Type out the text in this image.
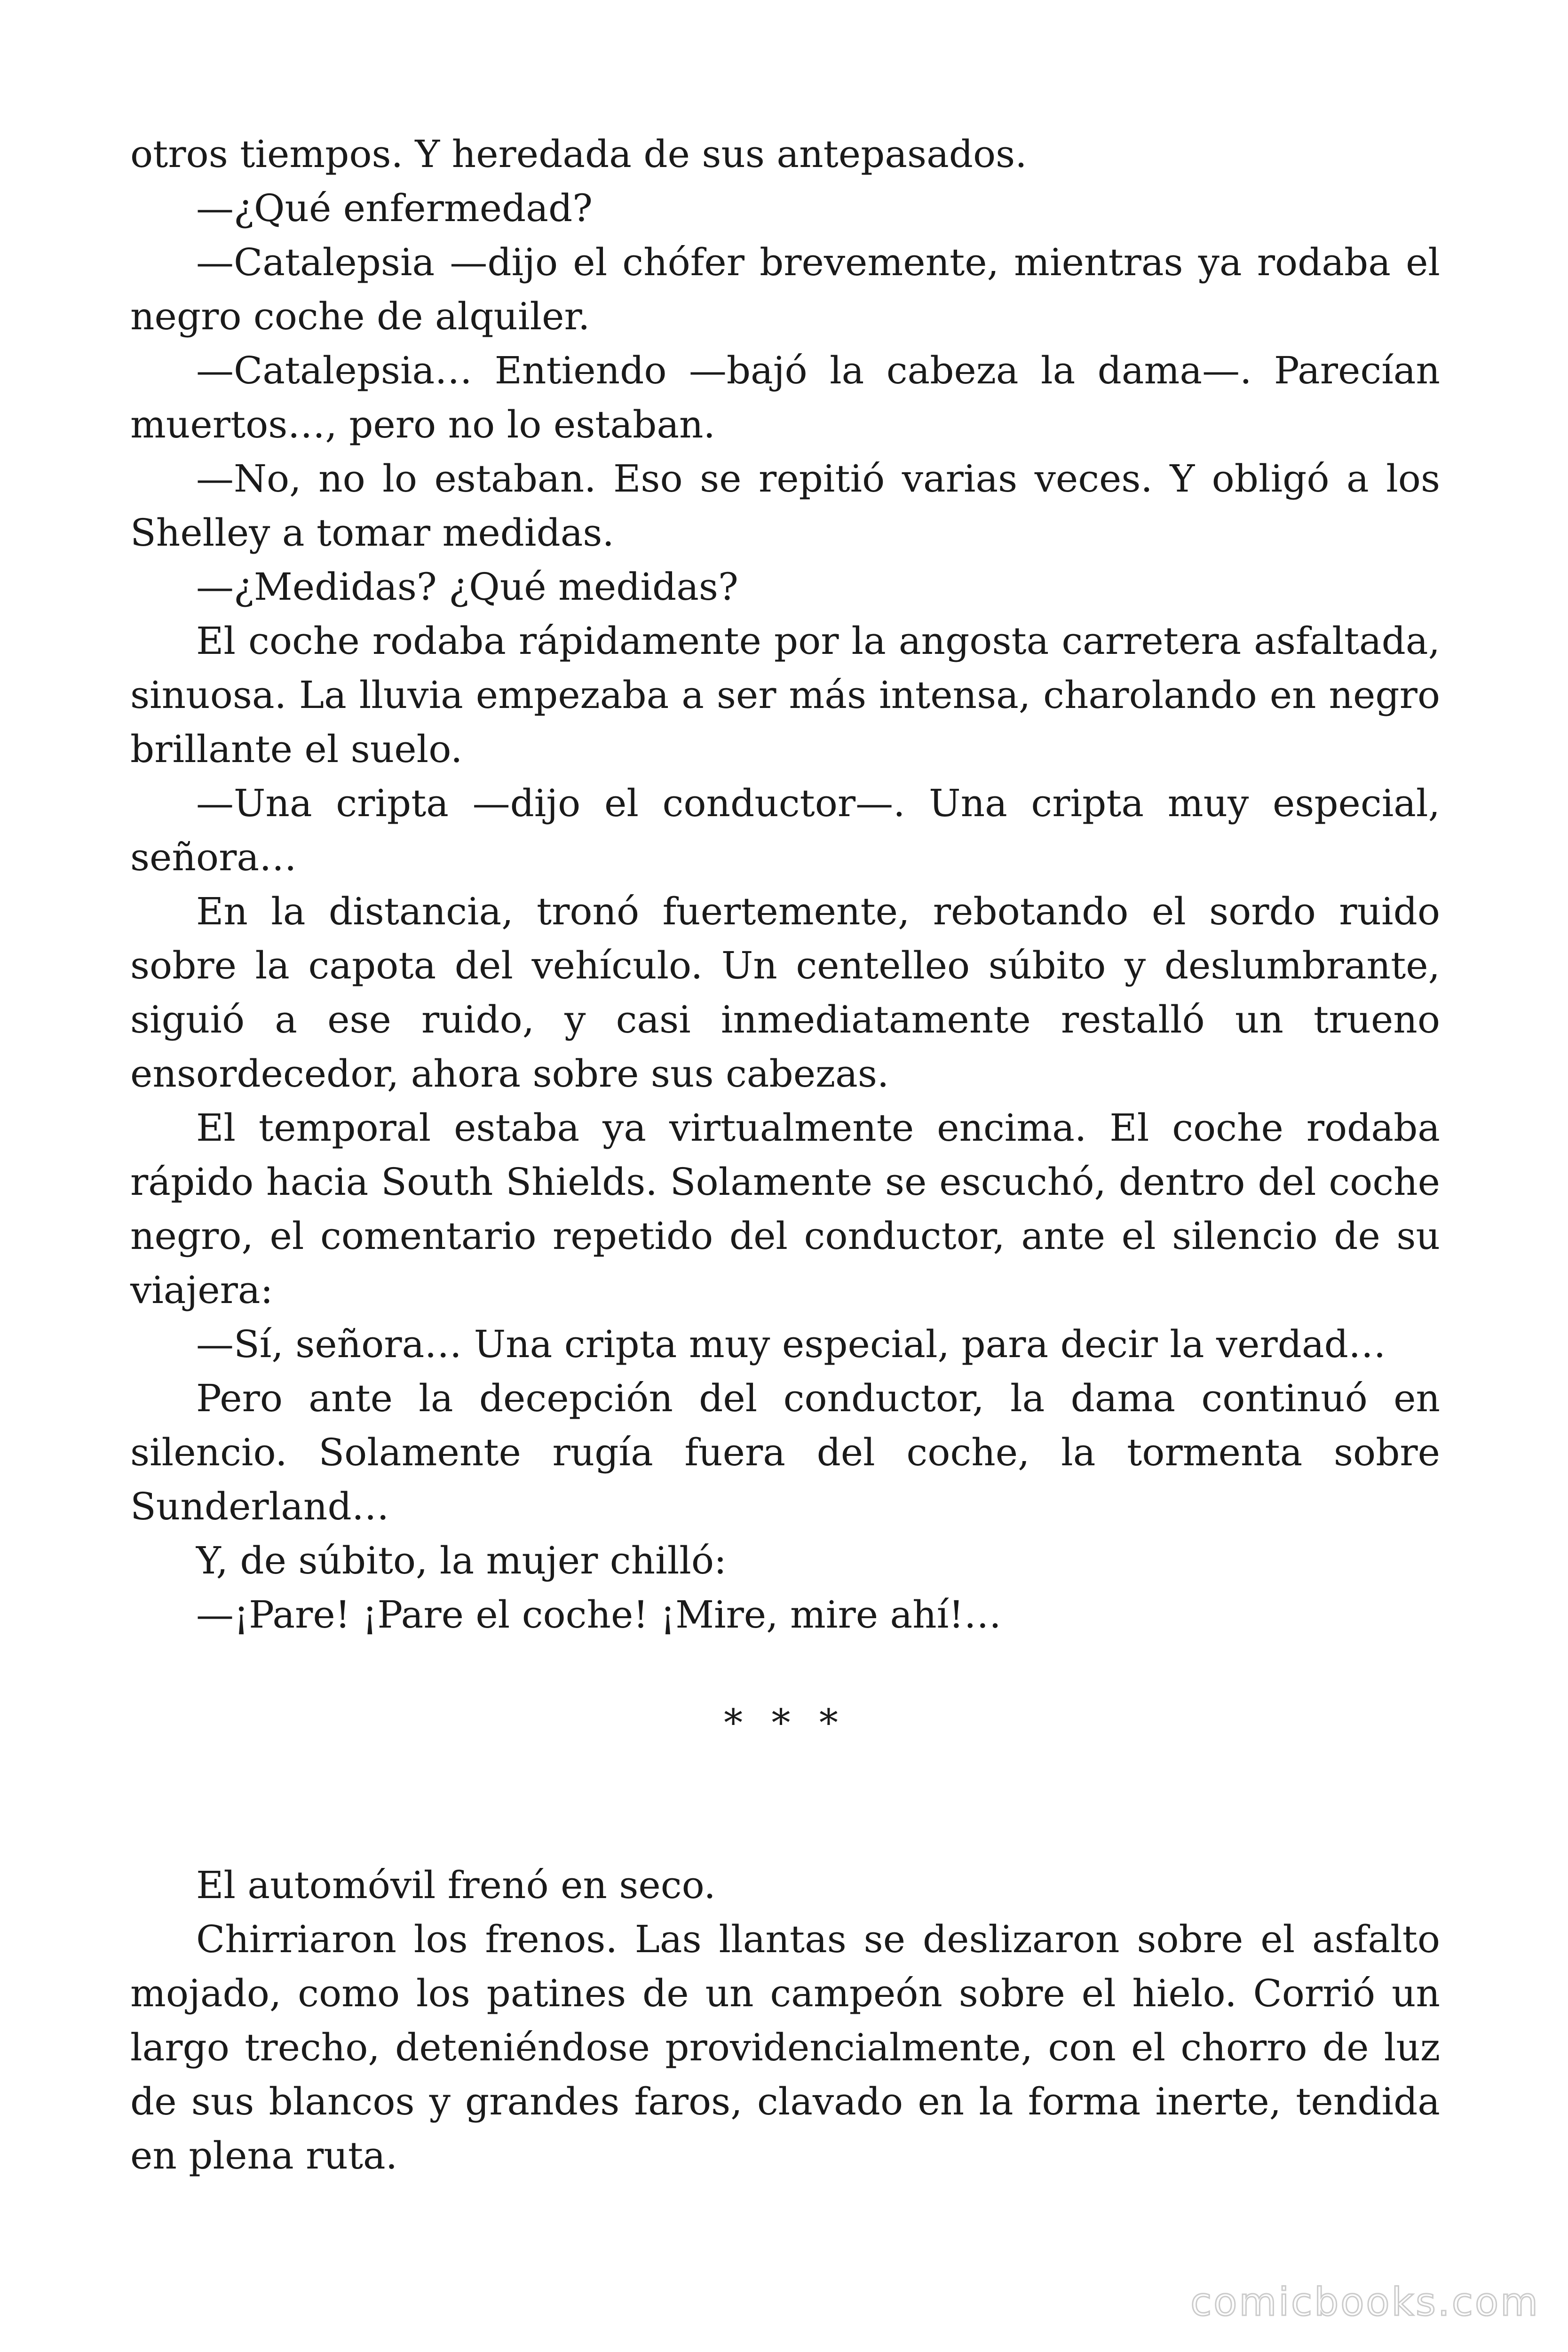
otros tiempos. Y heredada de sus antepasados.

—¿Qué enfermedad?

—Catalepsia —dijo el chófer brevemente, mientras ya rodaba el negro coche de alquiler.

—Catalepsia… Entiendo —bajó la cabeza la dama—. Parecían muertos…, pero no lo estaban.

—No, no lo estaban. Eso se repitió varias veces. Y obligó a los Shelley a tomar medidas.

—¿Medidas? ¿Qué medidas?

El coche rodaba rápidamente por la angosta carretera asfaltada, sinuosa. La lluvia empezaba a ser más intensa, charolando en negro brillante el suelo.

—Una cripta —dijo el conductor—. Una cripta muy especial, señora…

En la distancia, tronó fuertemente, rebotando el sordo ruido sobre la capota del vehículo. Un centelleo súbito y deslumbrante, siguió a ese ruido, y casi inmediatamente restalló un trueno ensordecedor, ahora sobre sus cabezas.

El temporal estaba ya virtualmente encima. El coche rodaba rápido hacia South Shields. Solamente se escuchó, dentro del coche negro, el comentario repetido del conductor, ante el silencio de su viajera:

—Sí, señora… Una cripta muy especial, para decir la verdad…

Pero ante la decepción del conductor, la dama continuó en silencio. Solamente rugía fuera del coche, la tormenta sobre Sunderland…

Y, de súbito, la mujer chilló:

—¡Pare! ¡Pare el coche! ¡Mire, mire ahí!…

* * *

El automóvil frenó en seco.

Chirriaron los frenos. Las llantas se deslizaron sobre el asfalto mojado, como los patines de un campeón sobre el hielo. Corrió un largo trecho, deteniéndose providencialmente, con el chorro de luz de sus blancos y grandes faros, clavado en la forma inerte, tendida en plena ruta.

comicbooks.com
